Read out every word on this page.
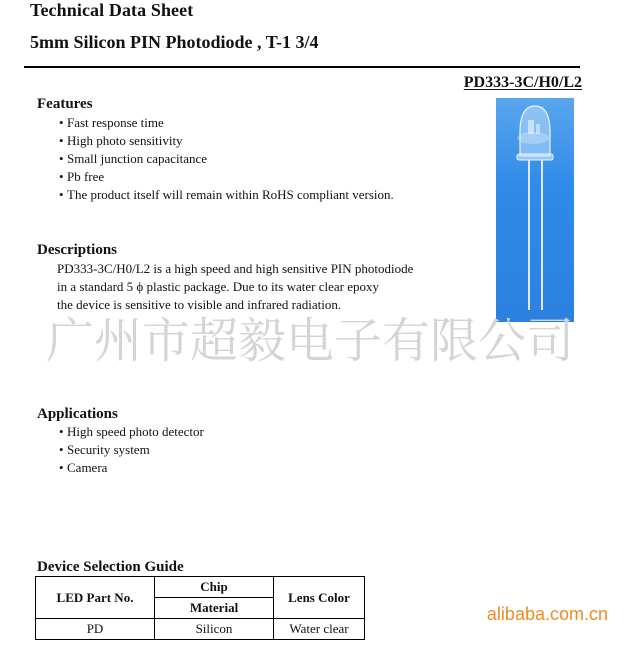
Technical Data Sheet
5mm Silicon PIN Photodiode , T-1 3/4
PD333-3C/H0/L2
Features
• Fast response time
• High photo sensitivity
• Small junction capacitance
• Pb free
• The product itself will remain within RoHS compliant version.
Descriptions
PD333-3C/H0/L2 is a high speed and high sensitive PIN photodiode
in a standard 5 ϕ plastic package. Due to its water clear epoxy
the device is sensitive to visible and infrared radiation.
广州市超毅电子有限公司
Applications
• High speed photo detector
• Security system
• Camera
Device Selection Guide
LED Part No.	Chip	Lens Color
	Material	
PD	Silicon	Water clear
alibaba.com.cn
